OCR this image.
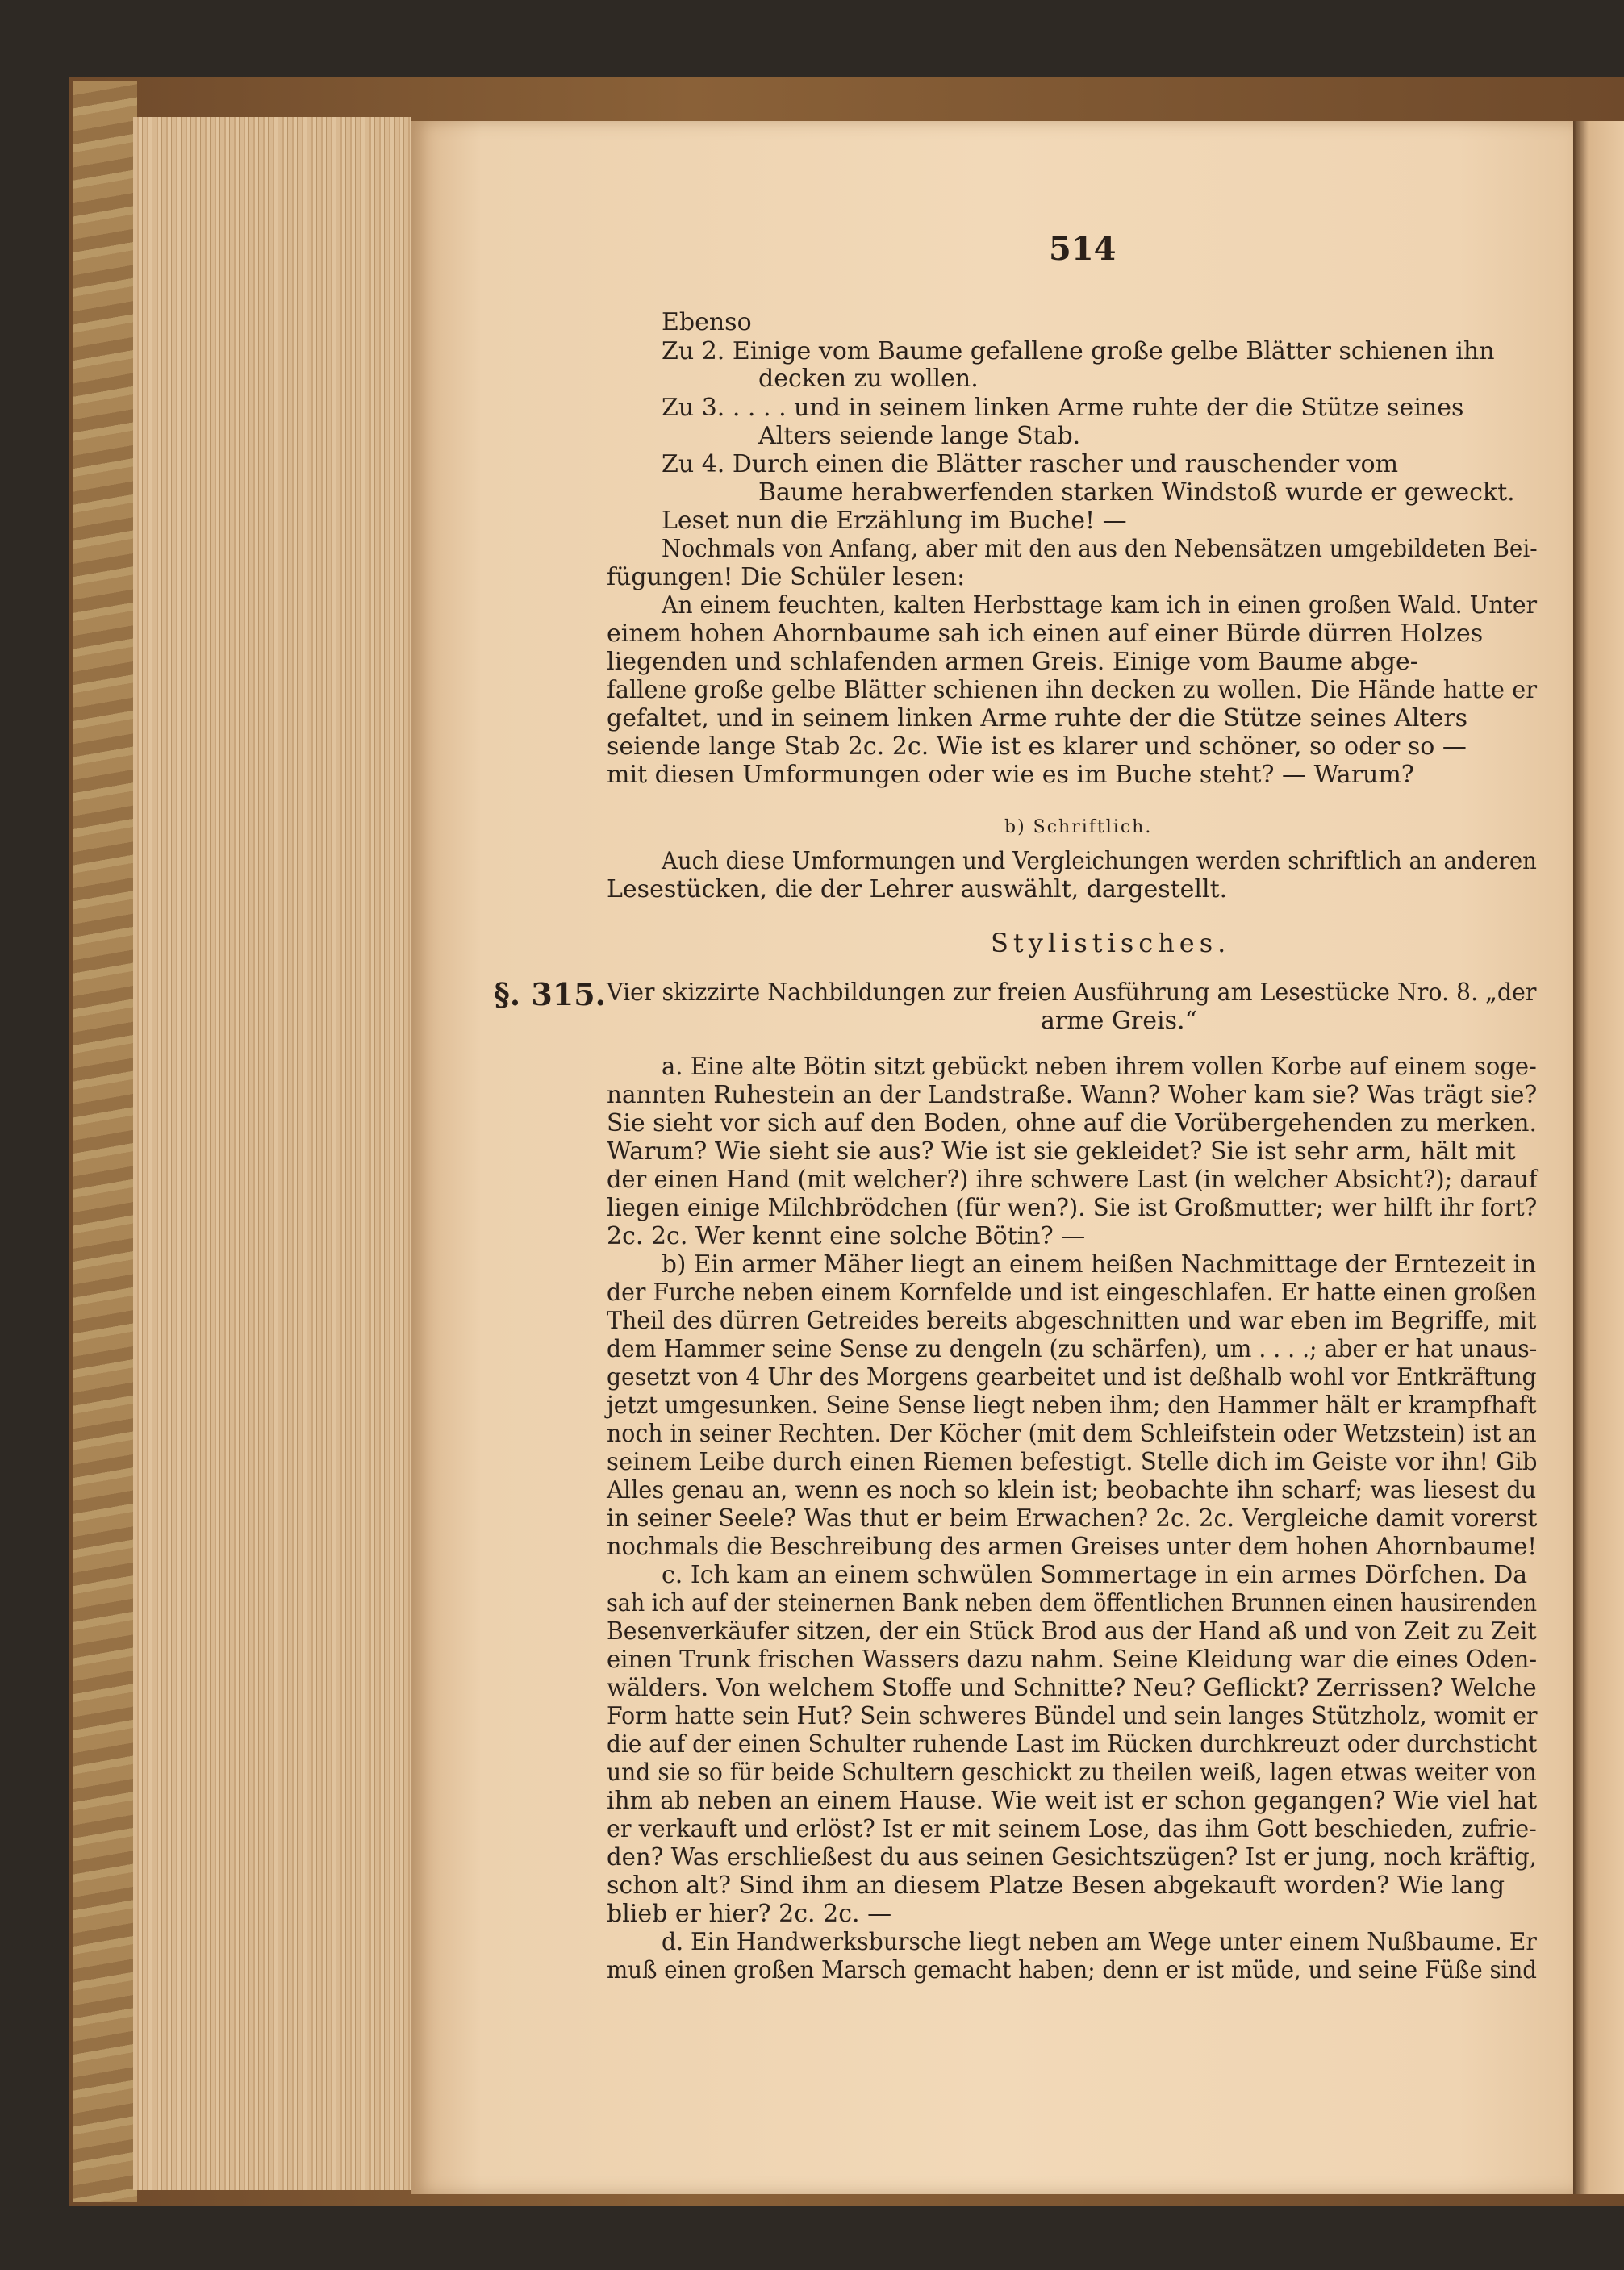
514
Ebenso
Zu 2. Einige vom Baume gefallene große gelbe Blätter schienen ihn
decken zu wollen.
Zu 3. . . . . und in seinem linken Arme ruhte der die Stütze seines
Alters seiende lange Stab.
Zu 4. Durch einen die Blätter rascher und rauschender vom
Baume herabwerfenden starken Windstoß wurde er geweckt.
Leset nun die Erzählung im Buche! —
Nochmals von Anfang, aber mit den aus den Nebensätzen umgebildeten Bei-
fügungen! Die Schüler lesen:
An einem feuchten, kalten Herbsttage kam ich in einen großen Wald. Unter
einem hohen Ahornbaume sah ich einen auf einer Bürde dürren Holzes
liegenden und schlafenden armen Greis. Einige vom Baume abge-
fallene große gelbe Blätter schienen ihn decken zu wollen. Die Hände hatte er
gefaltet, und in seinem linken Arme ruhte der die Stütze seines Alters
seiende lange Stab 2c. 2c. Wie ist es klarer und schöner, so oder so —
mit diesen Umformungen oder wie es im Buche steht? — Warum?
b) Schriftlich.
Auch diese Umformungen und Vergleichungen werden schriftlich an anderen
Lesestücken, die der Lehrer auswählt, dargestellt.
Stylistisches.
Vier skizzirte Nachbildungen zur freien Ausführung am Lesestücke Nro. 8. „der
arme Greis.“
a. Eine alte Bötin sitzt gebückt neben ihrem vollen Korbe auf einem soge-
nannten Ruhestein an der Landstraße. Wann? Woher kam sie? Was trägt sie?
Sie sieht vor sich auf den Boden, ohne auf die Vorübergehenden zu merken.
Warum? Wie sieht sie aus? Wie ist sie gekleidet? Sie ist sehr arm, hält mit
der einen Hand (mit welcher?) ihre schwere Last (in welcher Absicht?); darauf
liegen einige Milchbrödchen (für wen?). Sie ist Großmutter; wer hilft ihr fort?
2c. 2c. Wer kennt eine solche Bötin? —
b) Ein armer Mäher liegt an einem heißen Nachmittage der Erntezeit in
der Furche neben einem Kornfelde und ist eingeschlafen. Er hatte einen großen
Theil des dürren Getreides bereits abgeschnitten und war eben im Begriffe, mit
dem Hammer seine Sense zu dengeln (zu schärfen), um . . . .; aber er hat unaus-
gesetzt von 4 Uhr des Morgens gearbeitet und ist deßhalb wohl vor Entkräftung
jetzt umgesunken. Seine Sense liegt neben ihm; den Hammer hält er krampfhaft
noch in seiner Rechten. Der Köcher (mit dem Schleifstein oder Wetzstein) ist an
seinem Leibe durch einen Riemen befestigt. Stelle dich im Geiste vor ihn! Gib
Alles genau an, wenn es noch so klein ist; beobachte ihn scharf; was liesest du
in seiner Seele? Was thut er beim Erwachen? 2c. 2c. Vergleiche damit vorerst
nochmals die Beschreibung des armen Greises unter dem hohen Ahornbaume!
c. Ich kam an einem schwülen Sommertage in ein armes Dörfchen. Da
sah ich auf der steinernen Bank neben dem öffentlichen Brunnen einen hausirenden
Besenverkäufer sitzen, der ein Stück Brod aus der Hand aß und von Zeit zu Zeit
einen Trunk frischen Wassers dazu nahm. Seine Kleidung war die eines Oden-
wälders. Von welchem Stoffe und Schnitte? Neu? Geflickt? Zerrissen? Welche
Form hatte sein Hut? Sein schweres Bündel und sein langes Stützholz, womit er
die auf der einen Schulter ruhende Last im Rücken durchkreuzt oder durchsticht
und sie so für beide Schultern geschickt zu theilen weiß, lagen etwas weiter von
ihm ab neben an einem Hause. Wie weit ist er schon gegangen? Wie viel hat
er verkauft und erlöst? Ist er mit seinem Lose, das ihm Gott beschieden, zufrie-
den? Was erschließest du aus seinen Gesichtszügen? Ist er jung, noch kräftig,
schon alt? Sind ihm an diesem Platze Besen abgekauft worden? Wie lang
blieb er hier? 2c. 2c. —
d. Ein Handwerksbursche liegt neben am Wege unter einem Nußbaume. Er
muß einen großen Marsch gemacht haben; denn er ist müde, und seine Füße sind
§. 315.
